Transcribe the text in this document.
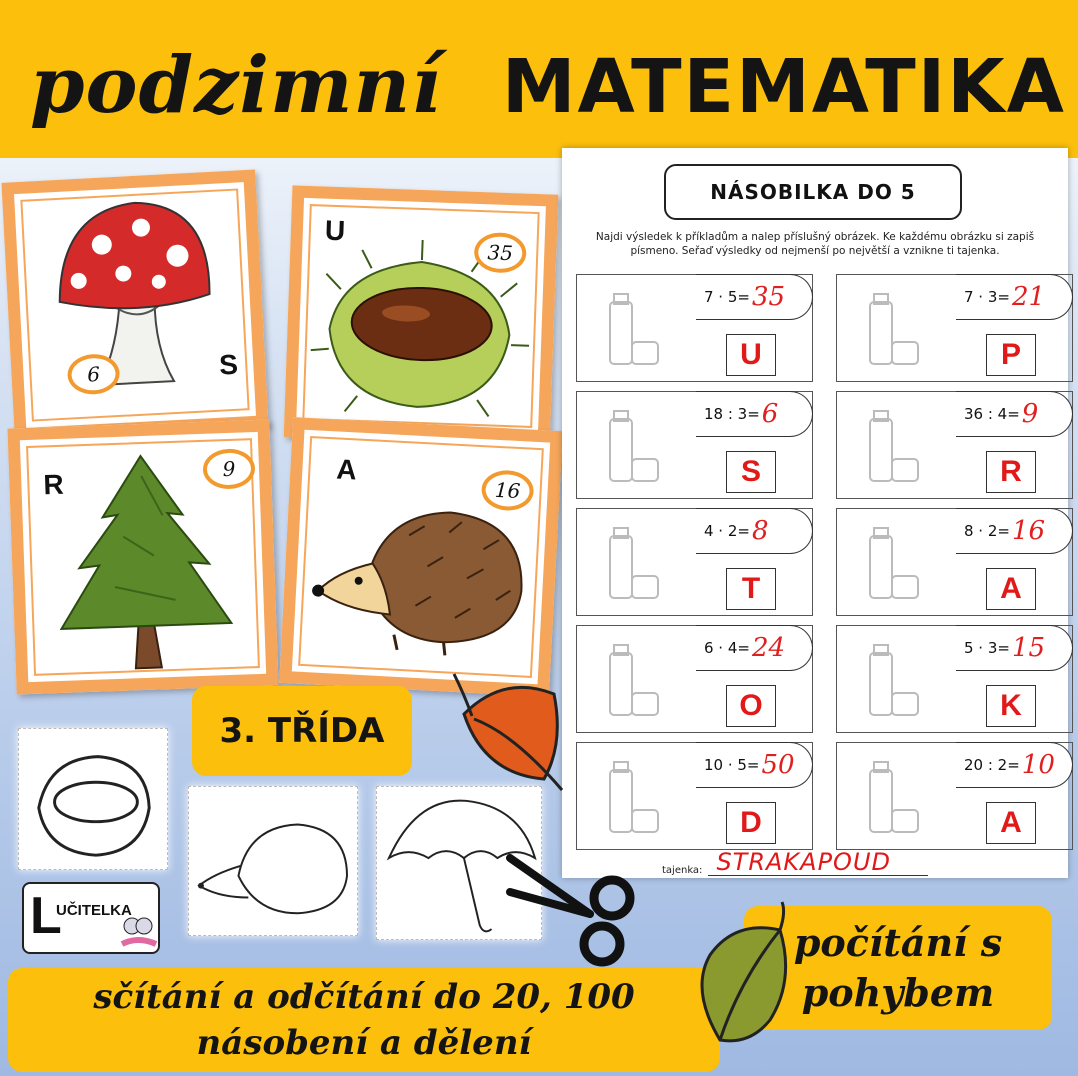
podzimní MATEMATIKA
6	S
U
35
R	9	A
16
NÁSOBILKA DO 5
Najdi výsledek k příkladům a nalep příslušný obrázek. Ke každému obrázku si zapiš písmeno. Seřaď výsledky od nejmenší po největší a vznikne ti tajenka.
7 · 5= 35
U
7 · 3= 21
P
18 : 3= 6
S
36 : 4= 9
R
4 · 2= 8
T
8 · 2= 16
A
6 · 4= 24
O
5 · 3= 15
K
10 · 5= 50
D
20 : 2= 10
A
tajenka: STRAKAPOUD
3. TŘÍDA
L
UČITELKA
počítání s
pohybem
sčítání a odčítání do 20, 100
násobení a dělení
